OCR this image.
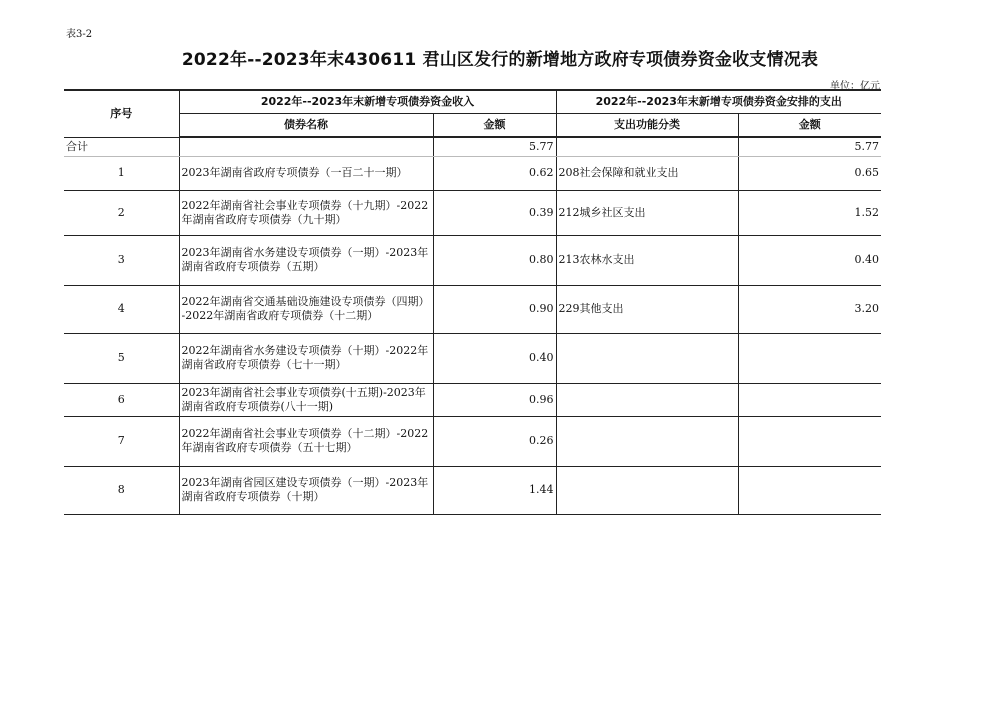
表3-2
2022年--2023年末430611 君山区发行的新增地方政府专项债券资金收支情况表
单位：亿元
序号	2022年--2023年末新增专项债券资金收入		2022年--2023年末新增专项债券资金安排的支出	
	债券名称	金额	支出功能分类	金额
合计		5.77		5.77
1	2023年湖南省政府专项债券（一百二十一期）	0.62	208社会保障和就业支出	0.65
2	2022年湖南省社会事业专项债券（十九期）-2022年湖南省政府专项债券（九十期）	0.39	212城乡社区支出	1.52
3	2023年湖南省水务建设专项债券（一期）-2023年湖南省政府专项债券（五期）	0.80	213农林水支出	0.40
4	2022年湖南省交通基础设施建设专项债券（四期）-2022年湖南省政府专项债券（十二期）	0.90	229其他支出	3.20
5	2022年湖南省水务建设专项债券（十期）-2022年湖南省政府专项债券（七十一期）	0.40		
6	2023年湖南省社会事业专项债券(十五期)-2023年湖南省政府专项债券(八十一期)	0.96		
7	2022年湖南省社会事业专项债券（十二期）-2022年湖南省政府专项债券（五十七期）	0.26		
8	2023年湖南省园区建设专项债券（一期）-2023年湖南省政府专项债券（十期）	1.44		
